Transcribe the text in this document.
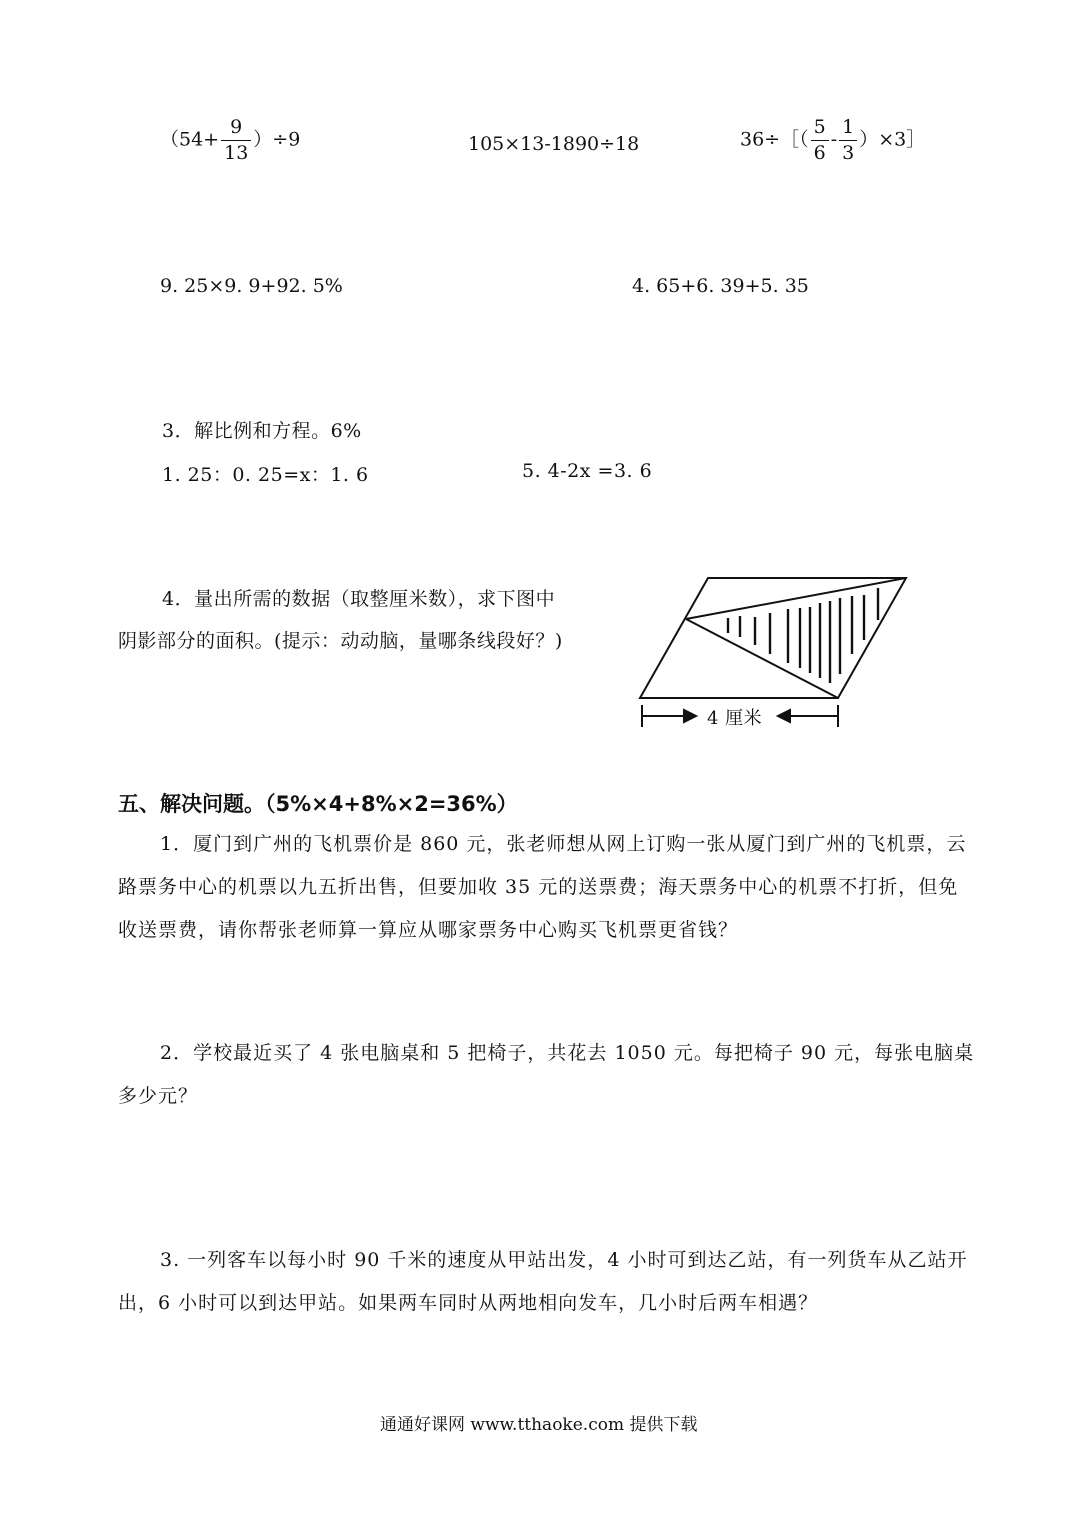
$(54+ \frac{9}{13} )\div 9$	105×13-1890÷18	36÷［（ $\frac{5}{6} - \frac{1}{3}$ ）×3］
9. 25×9. 9+92. 5%	4. 65+6. 39+5. 35
3．解比例和方程。6%
1. 25：0. 25=x：1. 6	5. 4-2x =3. 6
4．量出所需的数据（取整厘米数），求下图中
阴影部分的面积。(提示：动动脑，量哪条线段好？)
4 厘米
五、解决问题。（5%×4+8%×2=36%）
1．厦门到广州的飞机票价是 860 元，张老师想从网上订购一张从厦门到广州的飞机票，云路票务中心的机票以九五折出售，但要加收 35 元的送票费；海天票务中心的机票不打折，但免收送票费，请你帮张老师算一算应从哪家票务中心购买飞机票更省钱？
2．学校最近买了 4 张电脑桌和 5 把椅子，共花去 1050 元。每把椅子 90 元，每张电脑桌多少元？
3. 一列客车以每小时 90 千米的速度从甲站出发，4 小时可到达乙站，有一列货车从乙站开出，6 小时可以到达甲站。如果两车同时从两地相向发车，几小时后两车相遇？
通通好课网 www.tthaoke.com 提供下载
